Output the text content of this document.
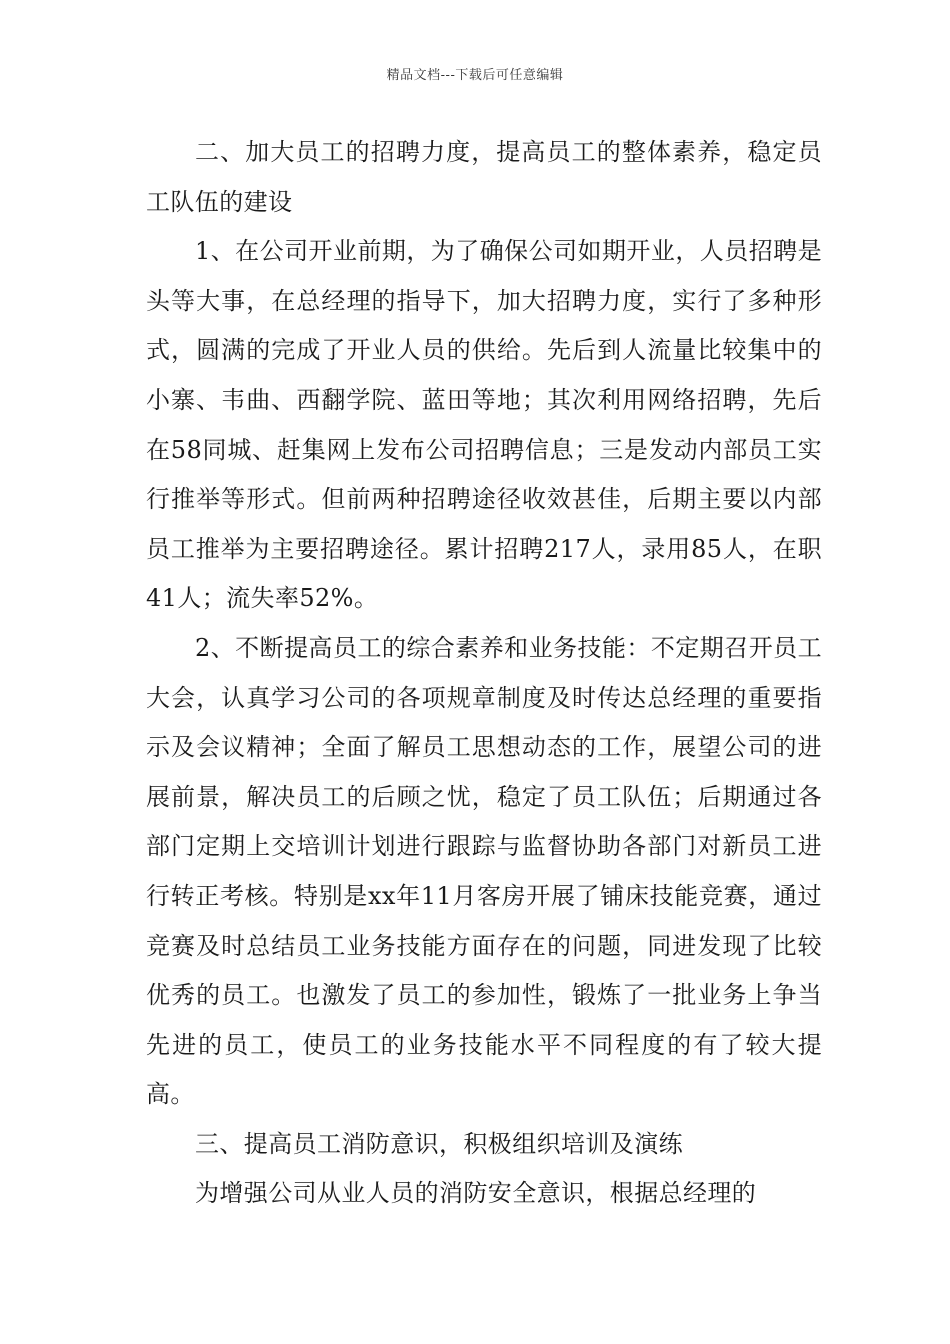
精品文档---下载后可任意编辑

二、加大员工的招聘力度，提高员工的整体素养，稳定员工队伍的建设

1、在公司开业前期，为了确保公司如期开业，人员招聘是头等大事，在总经理的指导下，加大招聘力度，实行了多种形式，圆满的完成了开业人员的供给。先后到人流量比较集中的小寨、韦曲、西翻学院、蓝田等地；其次利用网络招聘，先后在58同城、赶集网上发布公司招聘信息；三是发动内部员工实行推举等形式。但前两种招聘途径收效甚佳，后期主要以内部员工推举为主要招聘途径。累计招聘217人，录用85人，在职41人；流失率52%。

2、不断提高员工的综合素养和业务技能：不定期召开员工大会，认真学习公司的各项规章制度及时传达总经理的重要指示及会议精神；全面了解员工思想动态的工作，展望公司的进展前景，解决员工的后顾之忧，稳定了员工队伍；后期通过各部门定期上交培训计划进行跟踪与监督协助各部门对新员工进行转正考核。特别是xx年11月客房开展了铺床技能竞赛，通过竞赛及时总结员工业务技能方面存在的问题，同进发现了比较优秀的员工。也激发了员工的参加性，锻炼了一批业务上争当先进的员工，使员工的业务技能水平不同程度的有了较大提高。

三、提高员工消防意识，积极组织培训及演练

为增强公司从业人员的消防安全意识，根据总经理的
